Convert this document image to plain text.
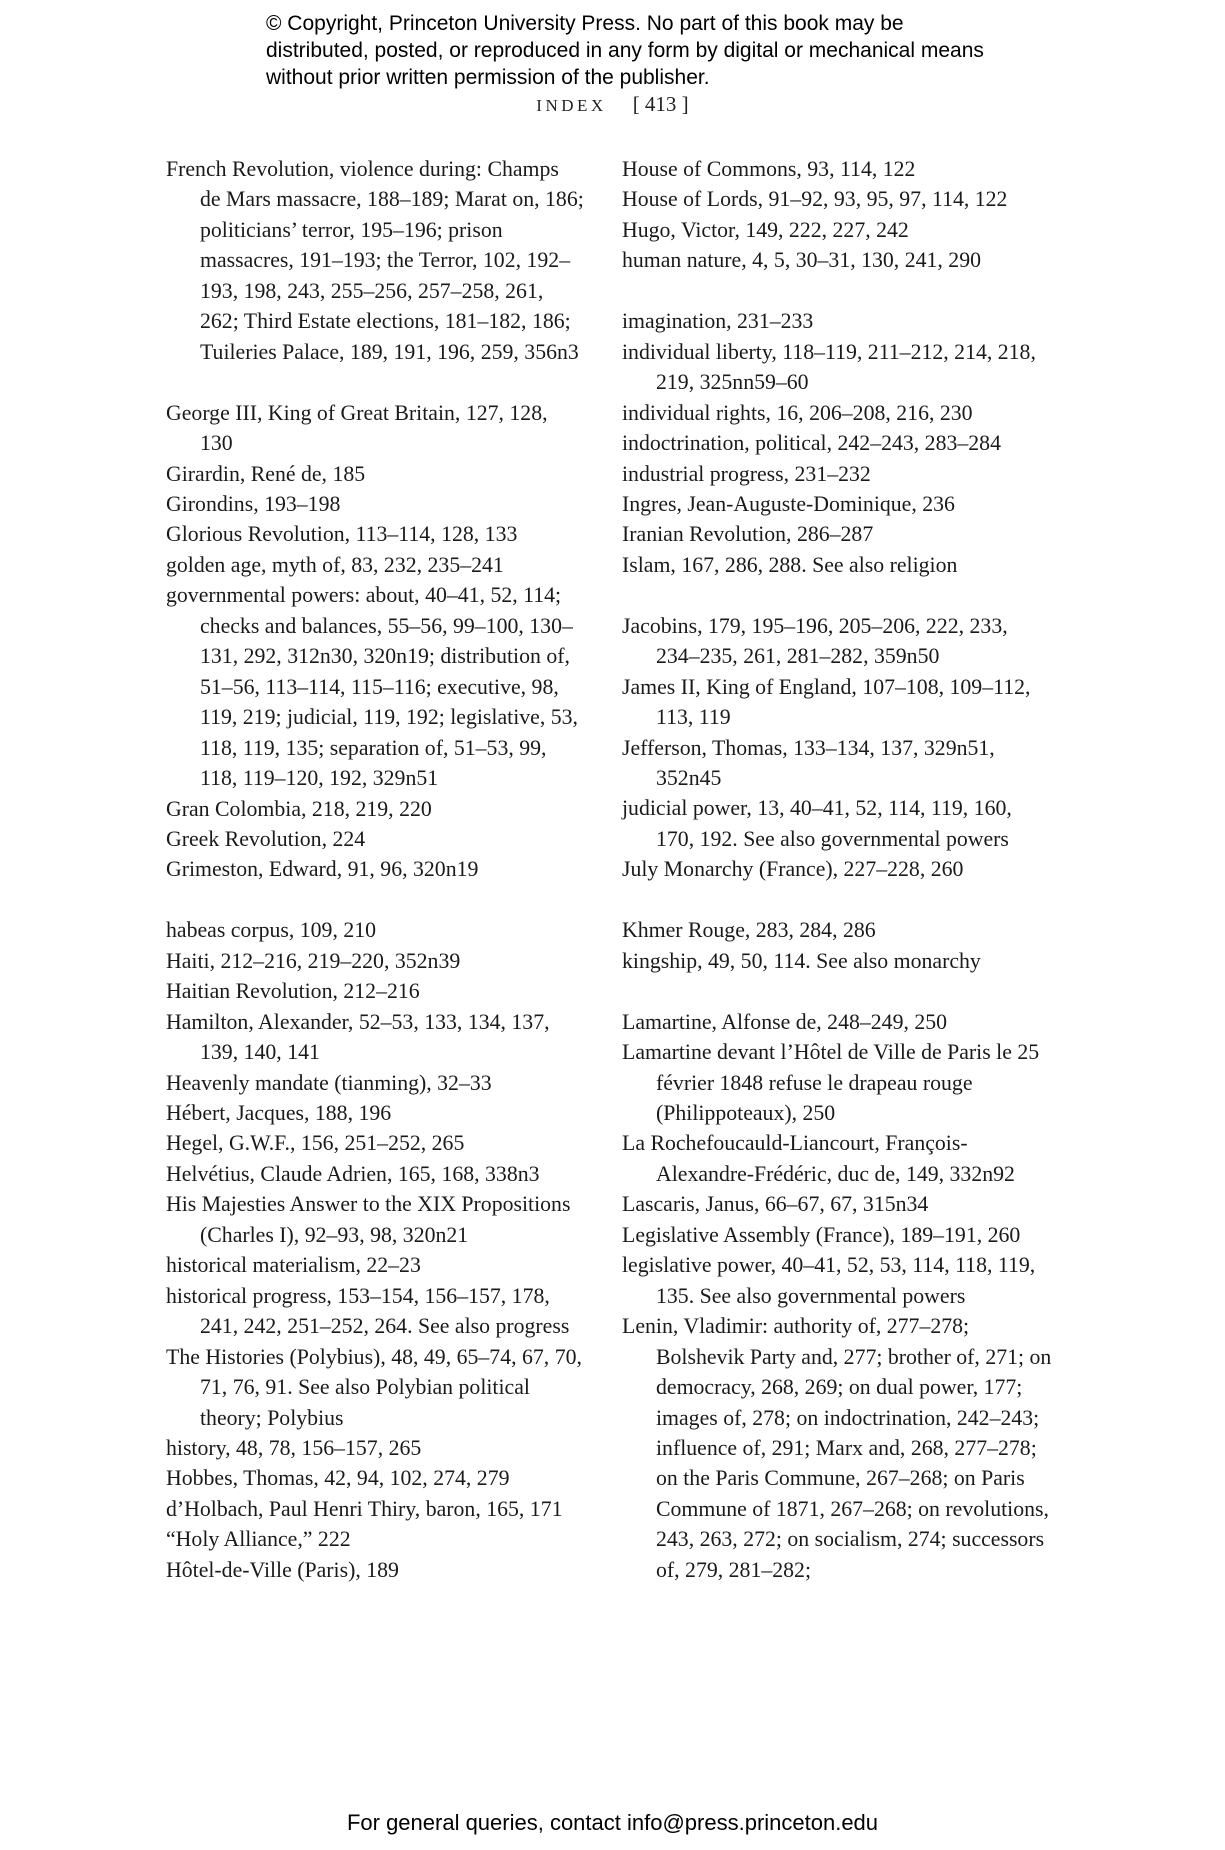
© Copyright, Princeton University Press. No part of this book may be distributed, posted, or reproduced in any form by digital or mechanical means without prior written permission of the publisher.
INDEX [ 413 ]
French Revolution, violence during: Champs de Mars massacre, 188–189; Marat on, 186; politicians’ terror, 195–196; prison massacres, 191–193; the Terror, 102, 192–193, 198, 243, 255–256, 257–258, 261, 262; Third Estate elections, 181–182, 186; Tuileries Palace, 189, 191, 196, 259, 356n3
George III, King of Great Britain, 127, 128, 130
Girardin, René de, 185
Girondins, 193–198
Glorious Revolution, 113–114, 128, 133
golden age, myth of, 83, 232, 235–241
governmental powers: about, 40–41, 52, 114; checks and balances, 55–56, 99–100, 130–131, 292, 312n30, 320n19; distribution of, 51–56, 113–114, 115–116; executive, 98, 119, 219; judicial, 119, 192; legislative, 53, 118, 119, 135; separation of, 51–53, 99, 118, 119–120, 192, 329n51
Gran Colombia, 218, 219, 220
Greek Revolution, 224
Grimeston, Edward, 91, 96, 320n19
habeas corpus, 109, 210
Haiti, 212–216, 219–220, 352n39
Haitian Revolution, 212–216
Hamilton, Alexander, 52–53, 133, 134, 137, 139, 140, 141
Heavenly mandate (tianming), 32–33
Hébert, Jacques, 188, 196
Hegel, G.W.F., 156, 251–252, 265
Helvétius, Claude Adrien, 165, 168, 338n3
His Majesties Answer to the XIX Propositions (Charles I), 92–93, 98, 320n21
historical materialism, 22–23
historical progress, 153–154, 156–157, 178, 241, 242, 251–252, 264. See also progress
The Histories (Polybius), 48, 49, 65–74, 67, 70, 71, 76, 91. See also Polybian political theory; Polybius
history, 48, 78, 156–157, 265
Hobbes, Thomas, 42, 94, 102, 274, 279
d’Holbach, Paul Henri Thiry, baron, 165, 171
“Holy Alliance,” 222
Hôtel-de-Ville (Paris), 189
House of Commons, 93, 114, 122
House of Lords, 91–92, 93, 95, 97, 114, 122
Hugo, Victor, 149, 222, 227, 242
human nature, 4, 5, 30–31, 130, 241, 290
imagination, 231–233
individual liberty, 118–119, 211–212, 214, 218, 219, 325nn59–60
individual rights, 16, 206–208, 216, 230
indoctrination, political, 242–243, 283–284
industrial progress, 231–232
Ingres, Jean-Auguste-Dominique, 236
Iranian Revolution, 286–287
Islam, 167, 286, 288. See also religion
Jacobins, 179, 195–196, 205–206, 222, 233, 234–235, 261, 281–282, 359n50
James II, King of England, 107–108, 109–112, 113, 119
Jefferson, Thomas, 133–134, 137, 329n51, 352n45
judicial power, 13, 40–41, 52, 114, 119, 160, 170, 192. See also governmental powers
July Monarchy (France), 227–228, 260
Khmer Rouge, 283, 284, 286
kingship, 49, 50, 114. See also monarchy
Lamartine, Alfonse de, 248–249, 250
Lamartine devant l’Hôtel de Ville de Paris le 25 février 1848 refuse le drapeau rouge (Philippoteaux), 250
La Rochefoucauld-Liancourt, François-Alexandre-Frédéric, duc de, 149, 332n92
Lascaris, Janus, 66–67, 67, 315n34
Legislative Assembly (France), 189–191, 260
legislative power, 40–41, 52, 53, 114, 118, 119, 135. See also governmental powers
Lenin, Vladimir: authority of, 277–278; Bolshevik Party and, 277; brother of, 271; on democracy, 268, 269; on dual power, 177; images of, 278; on indoctrination, 242–243; influence of, 291; Marx and, 268, 277–278; on the Paris Commune, 267–268; on Paris Commune of 1871, 267–268; on revolutions, 243, 263, 272; on socialism, 274; successors of, 279, 281–282;
For general queries, contact info@press.princeton.edu
